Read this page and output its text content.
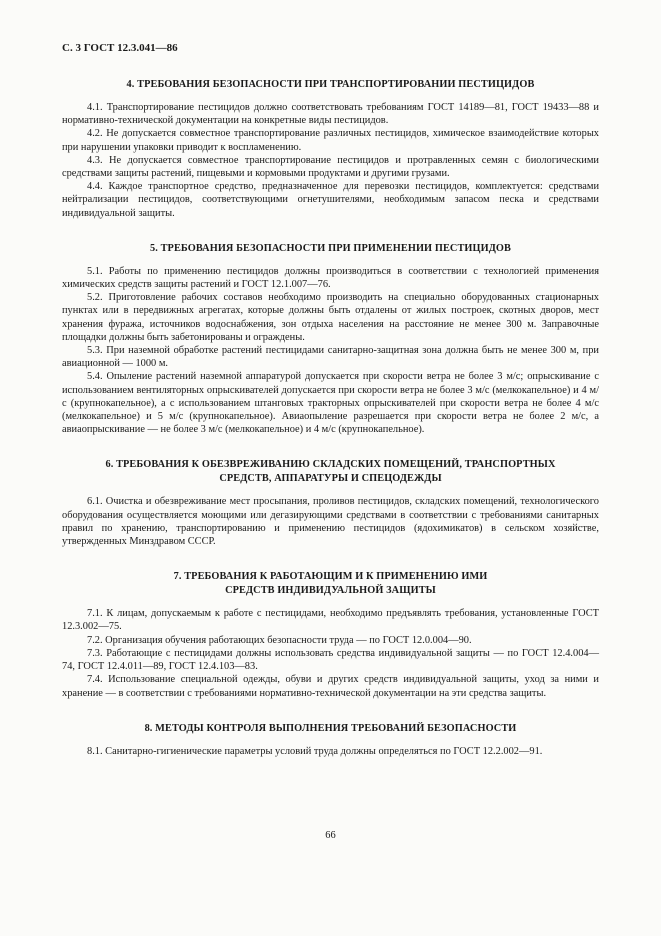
С. 3 ГОСТ 12.3.041—86
4. ТРЕБОВАНИЯ БЕЗОПАСНОСТИ ПРИ ТРАНСПОРТИРОВАНИИ ПЕСТИЦИДОВ

4.1. Транспортирование пестицидов должно соответствовать требованиям ГОСТ 14189—81, ГОСТ 19433—88 и нормативно-технической документации на конкретные виды пестицидов.

4.2. Не допускается совместное транспортирование различных пестицидов, химическое взаимодействие которых при нарушении упаковки приводит к воспламенению.

4.3. Не допускается совместное транспортирование пестицидов и протравленных семян с биологическими средствами защиты растений, пищевыми и кормовыми продуктами и другими грузами.

4.4. Каждое транспортное средство, предназначенное для перевозки пестицидов, комплектуется: средствами нейтрализации пестицидов, соответствующими огнетушителями, необходимым запасом песка и средствами индивидуальной защиты.

5. ТРЕБОВАНИЯ БЕЗОПАСНОСТИ ПРИ ПРИМЕНЕНИИ ПЕСТИЦИДОВ

5.1. Работы по применению пестицидов должны производиться в соответствии с технологией применения химических средств защиты растений и ГОСТ 12.1.007—76.

5.2. Приготовление рабочих составов необходимо производить на специально оборудованных стационарных пунктах или в передвижных агрегатах, которые должны быть отдалены от жилых построек, скотных дворов, мест хранения фуража, источников водоснабжения, зон отдыха населения на расстояние не менее 300 м. Заправочные площадки должны быть забетонированы и ограждены.

5.3. При наземной обработке растений пестицидами санитарно-защитная зона должна быть не менее 300 м, при авиационной — 1000 м.

5.4. Опыление растений наземной аппаратурой допускается при скорости ветра не более 3 м/с; опрыскивание с использованием вентиляторных опрыскивателей допускается при скорости ветра не более 3 м/с (мелкокапельное) и 4 м/с (крупнокапельное), а с использованием штанговых тракторных опрыскивателей при скорости ветра не более 4 м/с (мелкокапельное) и 5 м/с (крупнокапельное). Авиаопыление разрешается при скорости ветра не более 2 м/с, а авиаопрыскивание — не более 3 м/с (мелкокапельное) и 4 м/с (крупнокапельное).

6. ТРЕБОВАНИЯ К ОБЕЗВРЕЖИВАНИЮ СКЛАДСКИХ ПОМЕЩЕНИЙ, ТРАНСПОРТНЫХ
СРЕДСТВ, АППАРАТУРЫ И СПЕЦОДЕЖДЫ

6.1. Очистка и обезвреживание мест просыпания, проливов пестицидов, складских помещений, технологического оборудования осуществляется моющими или дегазирующими средствами в соответствии с требованиями санитарных правил по хранению, транспортированию и применению пестицидов (ядохимикатов) в сельском хозяйстве, утвержденных Минздравом СССР.

7. ТРЕБОВАНИЯ К РАБОТАЮЩИМ И К ПРИМЕНЕНИЮ ИМИ
СРЕДСТВ ИНДИВИДУАЛЬНОЙ ЗАЩИТЫ

7.1. К лицам, допускаемым к работе с пестицидами, необходимо предъявлять требования, установленные ГОСТ 12.3.002—75.

7.2. Организация обучения работающих безопасности труда — по ГОСТ 12.0.004—90.

7.3. Работающие с пестицидами должны использовать средства индивидуальной защиты — по ГОСТ 12.4.004—74, ГОСТ 12.4.011—89, ГОСТ 12.4.103—83.

7.4. Использование специальной одежды, обуви и других средств индивидуальной защиты, уход за ними и хранение — в соответствии с требованиями нормативно-технической документации на эти средства защиты.

8. МЕТОДЫ КОНТРОЛЯ ВЫПОЛНЕНИЯ ТРЕБОВАНИЙ БЕЗОПАСНОСТИ

8.1. Санитарно-гигиенические параметры условий труда должны определяться по ГОСТ 12.2.002—91.

66
